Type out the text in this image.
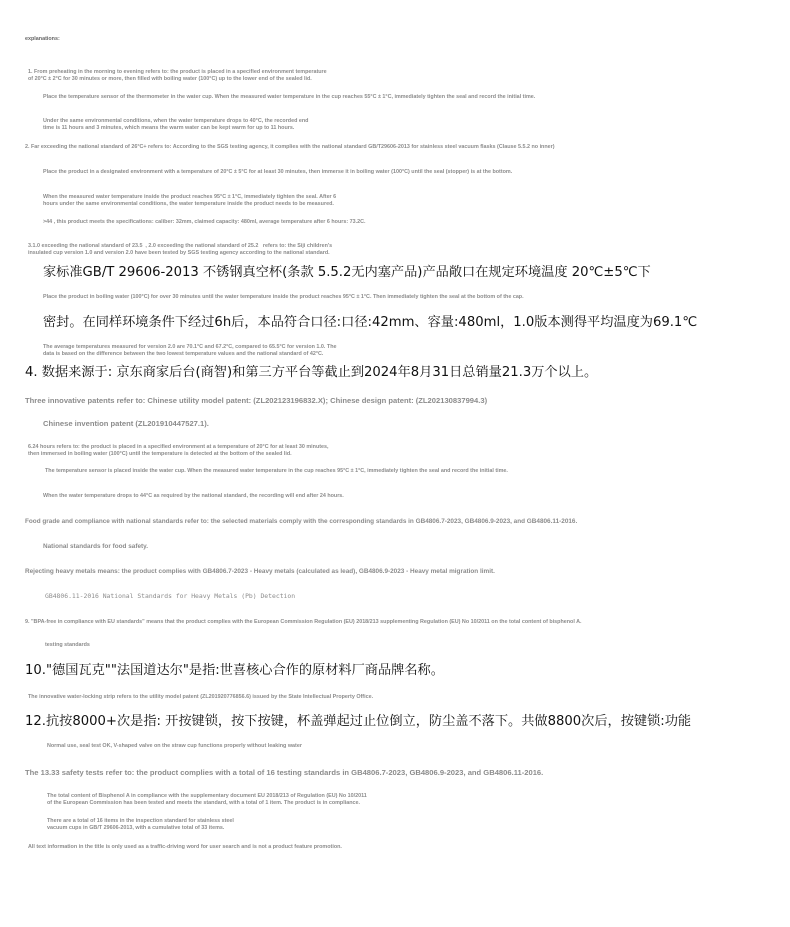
explanations:
1. From preheating in the morning to evening refers to: the product is placed in a specified environment temperature
of 20°C ± 2°C for 30 minutes or more, then filled with boiling water (100°C) up to the lower end of the sealed lid.
Place the temperature sensor of the thermometer in the water cup. When the measured water temperature in the cup reaches 55°C ± 1°C, immediately tighten the seal and record the initial time.
Under the same environmental conditions, when the water temperature drops to 40°C, the recorded end
time is 11 hours and 3 minutes, which means the warm water can be kept warm for up to 11 hours.
2. Far exceeding the national standard of 26°C+ refers to: According to the SGS testing agency, it complies with the national standard GB/T29606-2013 for stainless steel vacuum flasks (Clause 5.5.2 no inner)
Place the product in a designated environment with a temperature of 20°C ± 5°C for at least 30 minutes, then immerse it in boiling water (100°C) until the seal (stopper) is at the bottom.
When the measured water temperature inside the product reaches 95°C ± 1°C, immediately tighten the seal. After 6
hours under the same environmental conditions, the water temperature inside the product needs to be measured.
>44 , this product meets the specifications: caliber: 32mm, claimed capacity: 480ml, average temperature after 6 hours: 73.2C.
3.1.0 exceeding the national standard of 23.5  , 2.0 exceeding the national standard of 25.2   refers to: the Siji children's
insulated cup version 1.0 and version 2.0 have been tested by SGS testing agency according to the national standard.
家标准GB/T 29606-2013 不锈钢真空杯(条款 5.5.2无内塞产品)产品敞口在规定环境温度 20℃±5℃下
Place the product in boiling water (100°C) for over 30 minutes until the water temperature inside the product reaches 95°C ± 1°C. Then immediately tighten the seal at the bottom of the cap.
密封。在同样环境条件下经过6h后，本品符合口径:口径:42mm、容量:480ml，1.0版本测得平均温度为69.1℃
The average temperatures measured for version 2.0 are 70.1°C and 67.2°C, compared to 65.5°C for version 1.0. The
data is based on the difference between the two lowest temperature values and the national standard of 42°C.
4. 数据来源于: 京东商家后台(商智)和第三方平台等截止到2024年8月31日总销量21.3万个以上。
Three innovative patents refer to: Chinese utility model patent: (ZL202123196832.X); Chinese design patent: (ZL202130837994.3)
Chinese invention patent (ZL201910447527.1).
6.24 hours refers to: the product is placed in a specified environment at a temperature of 20°C for at least 30 minutes,
then immersed in boiling water (100°C) until the temperature is detected at the bottom of the sealed lid.
The temperature sensor is placed inside the water cup. When the measured water temperature in the cup reaches 95°C ± 1°C, immediately tighten the seal and record the initial time.
When the water temperature drops to 44°C as required by the national standard, the recording will end after 24 hours.
Food grade and compliance with national standards refer to: the selected materials comply with the corresponding standards in GB4806.7-2023, GB4806.9-2023, and GB4806.11-2016.
National standards for food safety.
Rejecting heavy metals means: the product complies with GB4806.7-2023 - Heavy metals (calculated as lead), GB4806.9-2023 - Heavy metal migration limit.
GB4806.11-2016 National Standards for Heavy Metals (Pb) Detection
9. "BPA-free in compliance with EU standards" means that the product complies with the European Commission Regulation (EU) 2018/213 supplementing Regulation (EU) No 10/2011 on the total content of bisphenol A.
testing standards
10."德国瓦克""法国道达尔"是指:世喜核心合作的原材料厂商品牌名称。
The innovative water-locking strip refers to the utility model patent (ZL201920776856.6) issued by the State Intellectual Property Office.
12.抗按8000+次是指: 开按键锁，按下按键，杯盖弹起过止位倒立，防尘盖不落下。共做8800次后，按键锁:功能
Normal use, seal test OK, V-shaped valve on the straw cup functions properly without leaking water
The 13.33 safety tests refer to: the product complies with a total of 16 testing standards in GB4806.7-2023, GB4806.9-2023, and GB4806.11-2016.
The total content of Bisphenol A in compliance with the supplementary document EU 2018/213 of Regulation (EU) No 10/2011
of the European Commission has been tested and meets the standard, with a total of 1 item. The product is in compliance.
There are a total of 16 items in the inspection standard for stainless steel
vacuum cups in GB/T 29606-2013, with a cumulative total of 33 items.
All text information in the title is only used as a traffic-driving word for user search and is not a product feature promotion.
